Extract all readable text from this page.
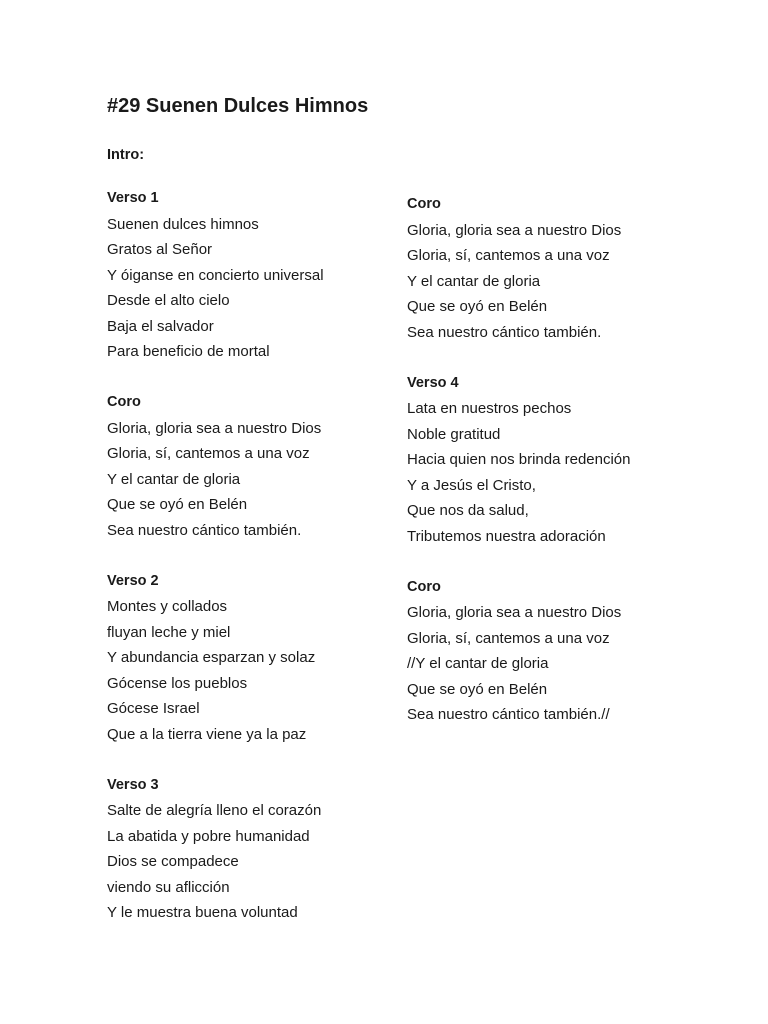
#29 Suenen Dulces Himnos
Intro:
Verso 1
Suenen dulces himnos
Gratos al Señor
Y óiganse en concierto universal
Desde el alto cielo
Baja el salvador
Para beneficio de mortal
Coro
Gloria, gloria sea a nuestro Dios
Gloria, sí, cantemos a una voz
Y el cantar de gloria
Que se oyó en Belén
Sea nuestro cántico también.
Verso 2
Montes y collados
fluyan leche y miel
Y abundancia esparzan y solaz
Gócense los pueblos
Gócese Israel
Que a la tierra viene ya la paz
Verso 3
Salte de alegría lleno el corazón
La abatida y pobre humanidad
Dios se compadece
viendo su aflicción
Y le muestra buena voluntad
Coro
Gloria, gloria sea a nuestro Dios
Gloria, sí, cantemos a una voz
Y el cantar de gloria
Que se oyó en Belén
Sea nuestro cántico también.
Verso 4
Lata en nuestros pechos
Noble gratitud
Hacia quien nos brinda redención
Y a Jesús el Cristo,
Que nos da salud,
Tributemos nuestra adoración
Coro
Gloria, gloria sea a nuestro Dios
Gloria, sí, cantemos a una voz
//Y el cantar de gloria
Que se oyó en Belén
Sea nuestro cántico también.//
